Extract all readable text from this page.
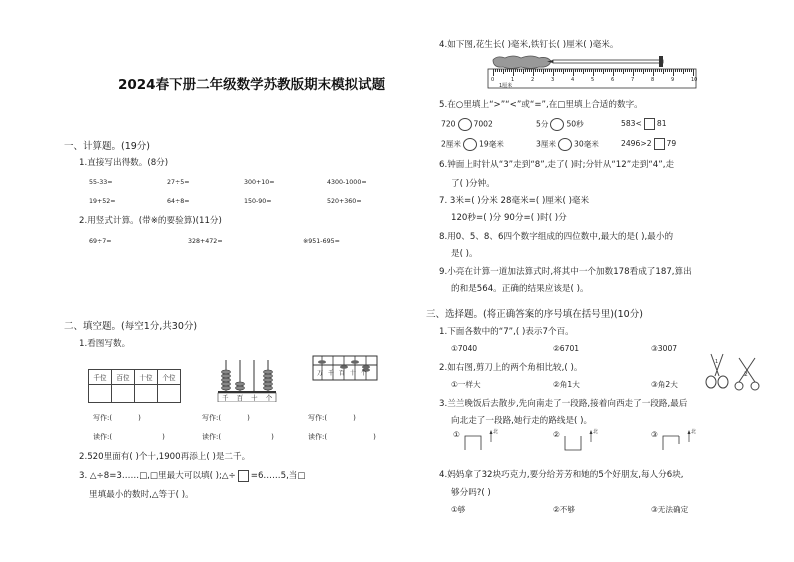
2024春下册二年级数学苏教版期末模拟试题
一、计算题。(19分)
1.直接写出得数。(8分)
55-33=	27÷5=	300+10=	4300-1000=
19+52=	64÷8=	150-90=	520+360=
2.用竖式计算。(带※的要验算)(11分)
69÷7=	328+472=	※951-695=
二、填空题。(每空1分,共30分)
1.看图写数。
千位	百位	十位	个位

千 百 十 个
万 千 百 十 个
写作:(	)	写作:(	)	写作:(	)
读作:(	)	读作:(	)	读作:(	)
2.520里面有( )个十,1900再添上( )是二千。
3. △÷8=3……□,□里最大可以填( );△÷ =6……5,当□
里填最小的数时,△等于( )。
4.如下图,花生长( )毫米,铁钉长( )厘米( )毫米。
0	1	2	3	4	5	6	7	8	9	10
1厘米
5.在○里填上“>”“<”或“=”,在□里填上合适的数字。
720 7002	5分 50秒	583< 81
2厘米 19毫米	3厘米 30毫米	2496>2 79
6.钟面上时针从“3”走到“8”,走了( )时;分针从“12”走到“4”,走
了( )分钟。
7. 3米=( )分米 28毫米=( )厘米( )毫米
120秒=( )分 90分=( )时( )分
8.用0、5、8、6四个数字组成的四位数中,最大的是( ),最小的
是( )。
9.小亮在计算一道加法算式时,将其中一个加数178看成了187,算出
的和是564。正确的结果应该是( )。
三、选择题。(将正确答案的序号填在括号里)(10分)
1.下面各数中的“7”,( )表示7个百。
①7040	②6701	③3007
2.如右图,剪刀上的两个角相比较,( )。
①一样大	②角1大	③角2大
1
2
3.兰兰晚饭后去散步,先向南走了一段路,接着向西走了一段路,最后
向北走了一段路,她行走的路线是( )。
①	北	②	北	③	北
4.妈妈拿了32块巧克力,要分给芳芳和她的5个好朋友,每人分6块,
够分吗?( )
①够	②不够	③无法确定
